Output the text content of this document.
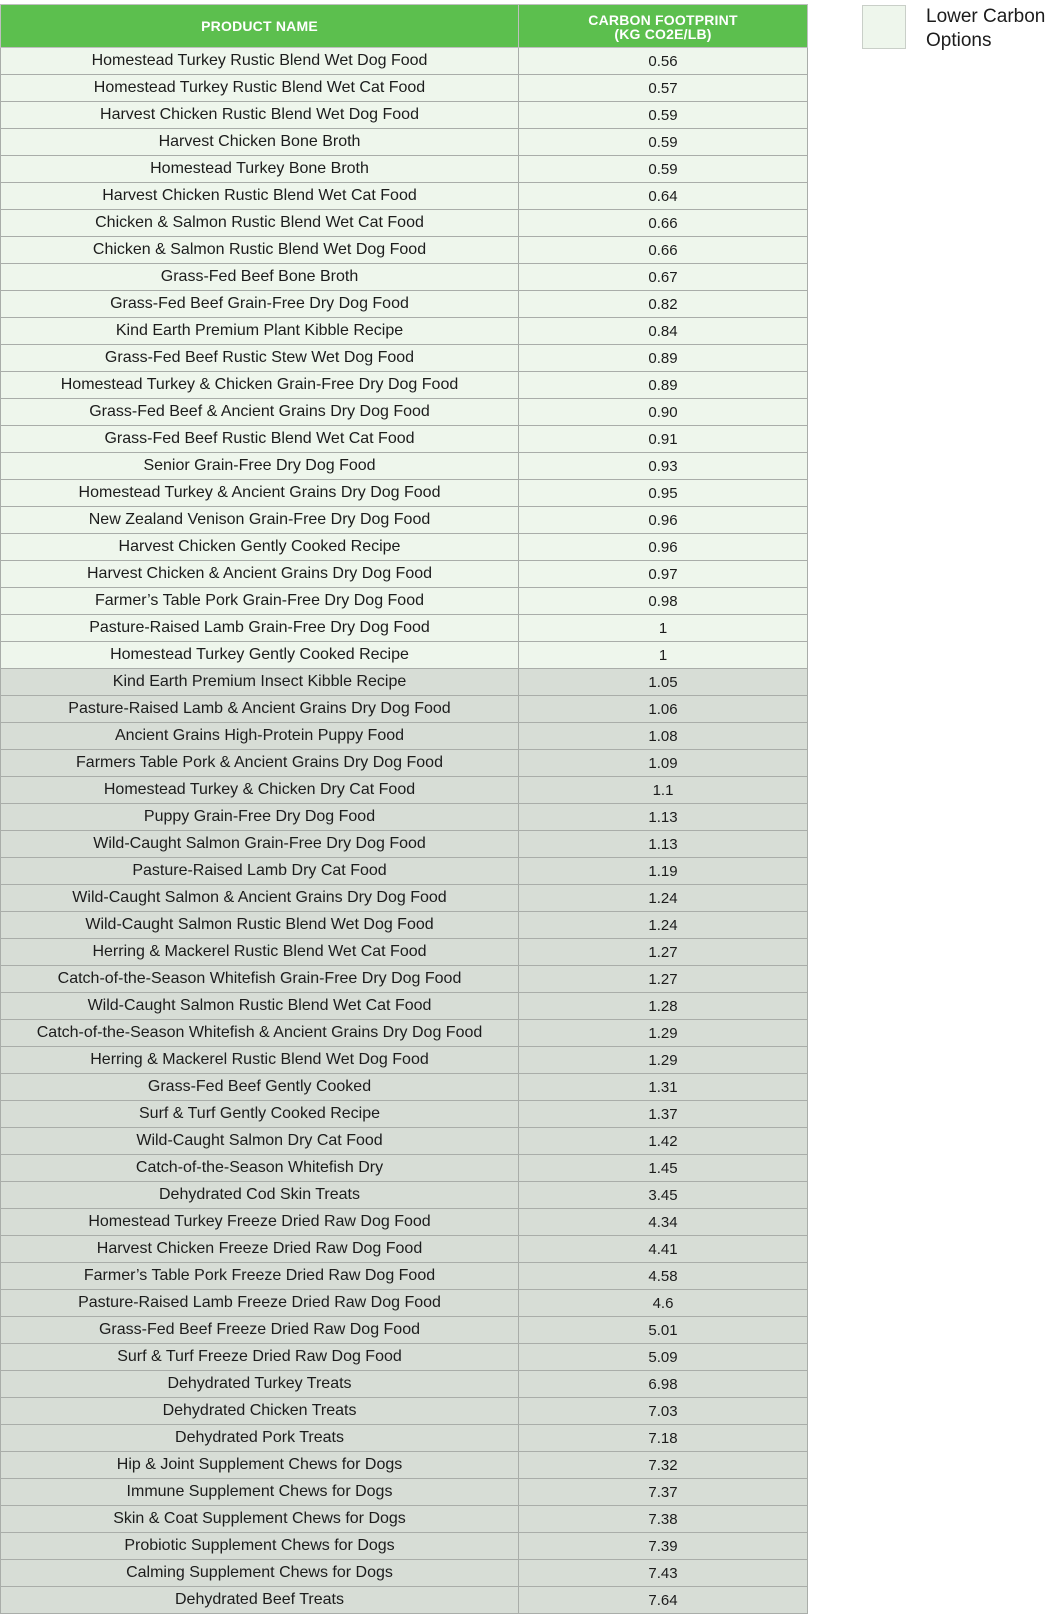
PRODUCT NAME	CARBON FOOTPRINT
(KG CO2E/LB)
Homestead Turkey Rustic Blend Wet Dog Food	0.56
Homestead Turkey Rustic Blend Wet Cat Food	0.57
Harvest Chicken Rustic Blend Wet Dog Food	0.59
Harvest Chicken Bone Broth	0.59
Homestead Turkey Bone Broth	0.59
Harvest Chicken Rustic Blend Wet Cat Food	0.64
Chicken & Salmon Rustic Blend Wet Cat Food	0.66
Chicken & Salmon Rustic Blend Wet Dog Food	0.66
Grass-Fed Beef Bone Broth	0.67
Grass-Fed Beef Grain-Free Dry Dog Food	0.82
Kind Earth Premium Plant Kibble Recipe	0.84
Grass-Fed Beef Rustic Stew Wet Dog Food	0.89
Homestead Turkey & Chicken Grain-Free Dry Dog Food	0.89
Grass-Fed Beef & Ancient Grains Dry Dog Food	0.90
Grass-Fed Beef Rustic Blend Wet Cat Food	0.91
Senior Grain-Free Dry Dog Food	0.93
Homestead Turkey & Ancient Grains Dry Dog Food	0.95
New Zealand Venison Grain-Free Dry Dog Food	0.96
Harvest Chicken Gently Cooked Recipe	0.96
Harvest Chicken & Ancient Grains Dry Dog Food	0.97
Farmer’s Table Pork Grain-Free Dry Dog Food	0.98
Pasture-Raised Lamb Grain-Free Dry Dog Food	1
Homestead Turkey Gently Cooked Recipe	1
Kind Earth Premium Insect Kibble Recipe	1.05
Pasture-Raised Lamb & Ancient Grains Dry Dog Food	1.06
Ancient Grains High-Protein Puppy Food	1.08
Farmers Table Pork & Ancient Grains Dry Dog Food	1.09
Homestead Turkey & Chicken Dry Cat Food	1.1
Puppy Grain-Free Dry Dog Food	1.13
Wild-Caught Salmon Grain-Free Dry Dog Food	1.13
Pasture-Raised Lamb Dry Cat Food	1.19
Wild-Caught Salmon & Ancient Grains Dry Dog Food	1.24
Wild-Caught Salmon Rustic Blend Wet Dog Food	1.24
Herring & Mackerel Rustic Blend Wet Cat Food	1.27
Catch-of-the-Season Whitefish Grain-Free Dry Dog Food	1.27
Wild-Caught Salmon Rustic Blend Wet Cat Food	1.28
Catch-of-the-Season Whitefish & Ancient Grains Dry Dog Food	1.29
Herring & Mackerel Rustic Blend Wet Dog Food	1.29
Grass-Fed Beef Gently Cooked	1.31
Surf & Turf Gently Cooked Recipe	1.37
Wild-Caught Salmon Dry Cat Food	1.42
Catch-of-the-Season Whitefish Dry	1.45
Dehydrated Cod Skin Treats	3.45
Homestead Turkey Freeze Dried Raw Dog Food	4.34
Harvest Chicken Freeze Dried Raw Dog Food	4.41
Farmer’s Table Pork Freeze Dried Raw Dog Food	4.58
Pasture-Raised Lamb Freeze Dried Raw Dog Food	4.6
Grass-Fed Beef Freeze Dried Raw Dog Food	5.01
Surf & Turf Freeze Dried Raw Dog Food	5.09
Dehydrated Turkey Treats	6.98
Dehydrated Chicken Treats	7.03
Dehydrated Pork Treats	7.18
Hip & Joint Supplement Chews for Dogs	7.32
Immune Supplement Chews for Dogs	7.37
Skin & Coat Supplement Chews for Dogs	7.38
Probiotic Supplement Chews for Dogs	7.39
Calming Supplement Chews for Dogs	7.43
Dehydrated Beef Treats	7.64
Lower Carbon Options
